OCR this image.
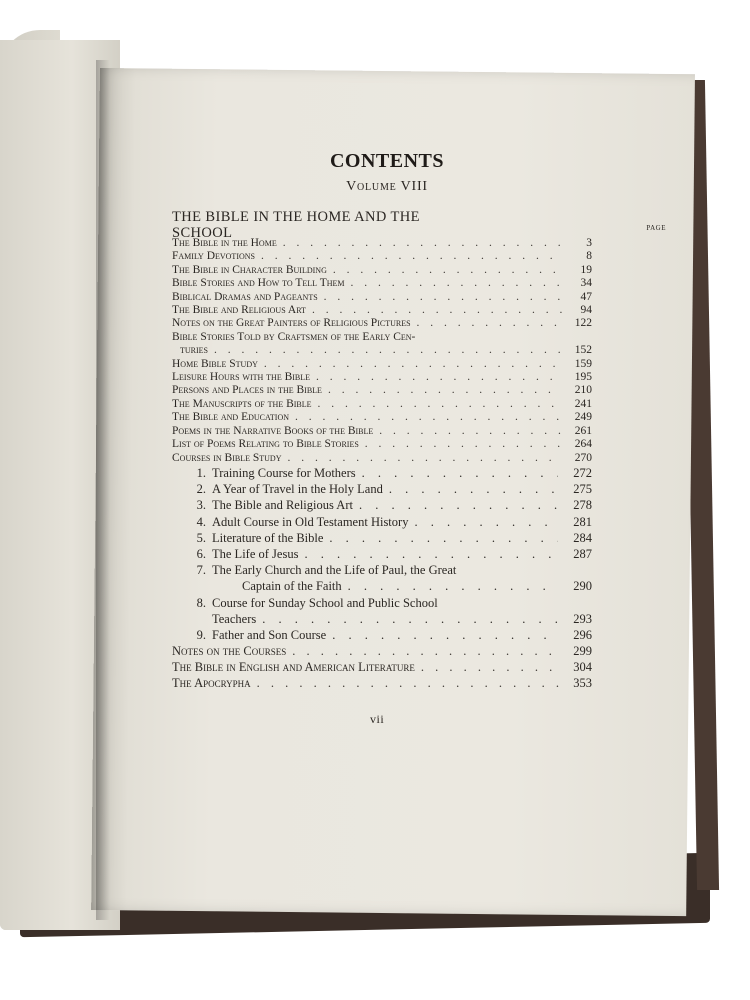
CONTENTS
Volume VIII
THE BIBLE IN THE HOME AND THE SCHOOL	PAGE
The Bible in the Home . . .	3
Family Devotions . . .	8
The Bible in Character Building . . .	19
Bible Stories and How to Tell Them . . .	34
Biblical Dramas and Pageants . . .	47
The Bible and Religious Art . . .	94
Notes on the Great Painters of Religious Pictures . . .	122
Bible Stories Told by Craftsmen of the Early Cen-
turies . . .	152
Home Bible Study . . .	159
Leisure Hours with the Bible . . .	195
Persons and Places in the Bible . . .	210
The Manuscripts of the Bible . . .	241
The Bible and Education . . .	249
Poems in the Narrative Books of the Bible . . .	261
List of Poems Relating to Bible Stories . . .	264
Courses in Bible Study . . .	270
1. Training Course for Mothers . . .	272
2. A Year of Travel in the Holy Land . . .	275
3. The Bible and Religious Art . . .	278
4. Adult Course in Old Testament History . . .	281
5. Literature of the Bible . . .	284
6. The Life of Jesus . . .	287
7. The Early Church and the Life of Paul, the Great
Captain of the Faith . . .	290
8. Course for Sunday School and Public School
Teachers . . .	293
9. Father and Son Course . . .	296
Notes on the Courses . . .	299
The Bible in English and American Literature . . .	304
The Apocrypha . . .	353
vii
